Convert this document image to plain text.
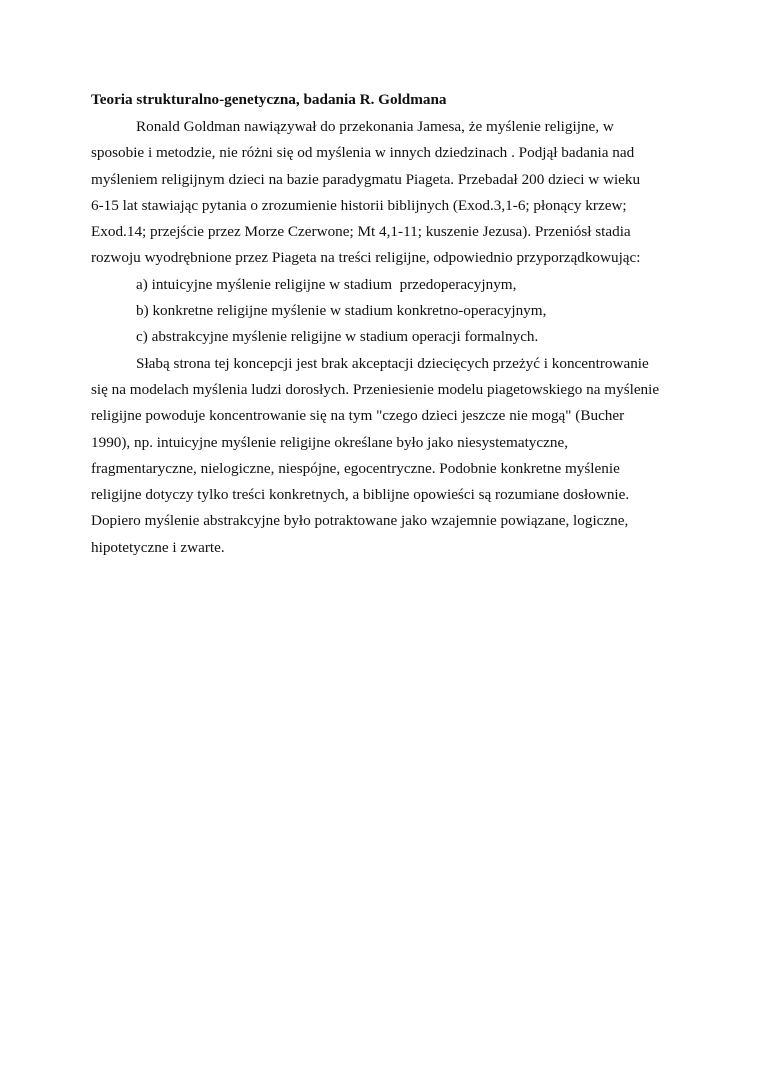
Teoria strukturalno-genetyczna, badania R. Goldmana

Ronald Goldman nawiązywał do przekonania Jamesa, że myślenie religijne, w

sposobie i metodzie, nie różni się od myślenia w innych dziedzinach . Podjął badania nad

myśleniem religijnym dzieci na bazie paradygmatu Piageta. Przebadał 200 dzieci w wieku

6-15 lat stawiając pytania o zrozumienie historii biblijnych (Exod.3,1-6; płonący krzew;

Exod.14; przejście przez Morze Czerwone; Mt 4,1-11; kuszenie Jezusa). Przeniósł stadia

rozwoju wyodrębnione przez Piageta na treści religijne, odpowiednio przyporządkowując:

a) intuicyjne myślenie religijne w stadium  przedoperacyjnym,

b) konkretne religijne myślenie w stadium konkretno-operacyjnym,

c) abstrakcyjne myślenie religijne w stadium operacji formalnych.

Słabą strona tej koncepcji jest brak akceptacji dziecięcych przeżyć i koncentrowanie

się na modelach myślenia ludzi dorosłych. Przeniesienie modelu piagetowskiego na myślenie

religijne powoduje koncentrowanie się na tym "czego dzieci jeszcze nie mogą" (Bucher

1990), np. intuicyjne myślenie religijne określane było jako niesystematyczne,

fragmentaryczne, nielogiczne, niespójne, egocentryczne. Podobnie konkretne myślenie

religijne dotyczy tylko treści konkretnych, a biblijne opowieści są rozumiane dosłownie.

Dopiero myślenie abstrakcyjne było potraktowane jako wzajemnie powiązane, logiczne,

hipotetyczne i zwarte.
